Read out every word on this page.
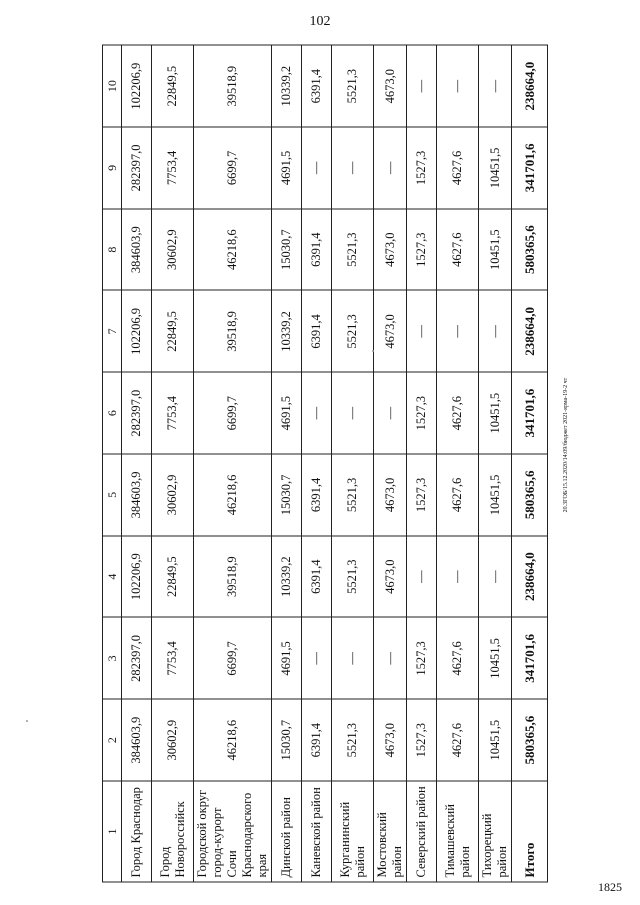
102
1	2	3	4	5	6	7	8	9	10
Город Краснодар	384603,9	282397,0	102206,9	384603,9	282397,0	102206,9	384603,9	282397,0	102206,9
Город Новороссийск	30602,9	7753,4	22849,5	30602,9	7753,4	22849,5	30602,9	7753,4	22849,5
Городской округ город-курорт Сочи Краснодарского края	46218,6	6699,7	39518,9	46218,6	6699,7	39518,9	46218,6	6699,7	39518,9
Динской район	15030,7	4691,5	10339,2	15030,7	4691,5	10339,2	15030,7	4691,5	10339,2
Каневской район	6391,4	—	6391,4	6391,4	—	6391,4	6391,4	—	6391,4
Курганинский район	5521,3	—	5521,3	5521,3	—	5521,3	5521,3	—	5521,3
Мостовский район	4673,0	—	4673,0	4673,0	—	4673,0	4673,0	—	4673,0
Северский район	1527,3	1527,3	—	1527,3	1527,3	—	1527,3	1527,3	—
Тимашевский район	4627,6	4627,6	—	4627,6	4627,6	—	4627,6	4627,6	—
Тихорецкий район	10451,5	10451,5	—	10451,5	10451,5	—	10451,5	10451,5	—
Итого	580365,6	341701,6	238664,0	580365,6	341701,6	238664,0	580365,6	341701,6	238664,0
20.3ГОБ/15.12.2020/14:09/бюджет 2021-ярма-19-2 чт
1825
